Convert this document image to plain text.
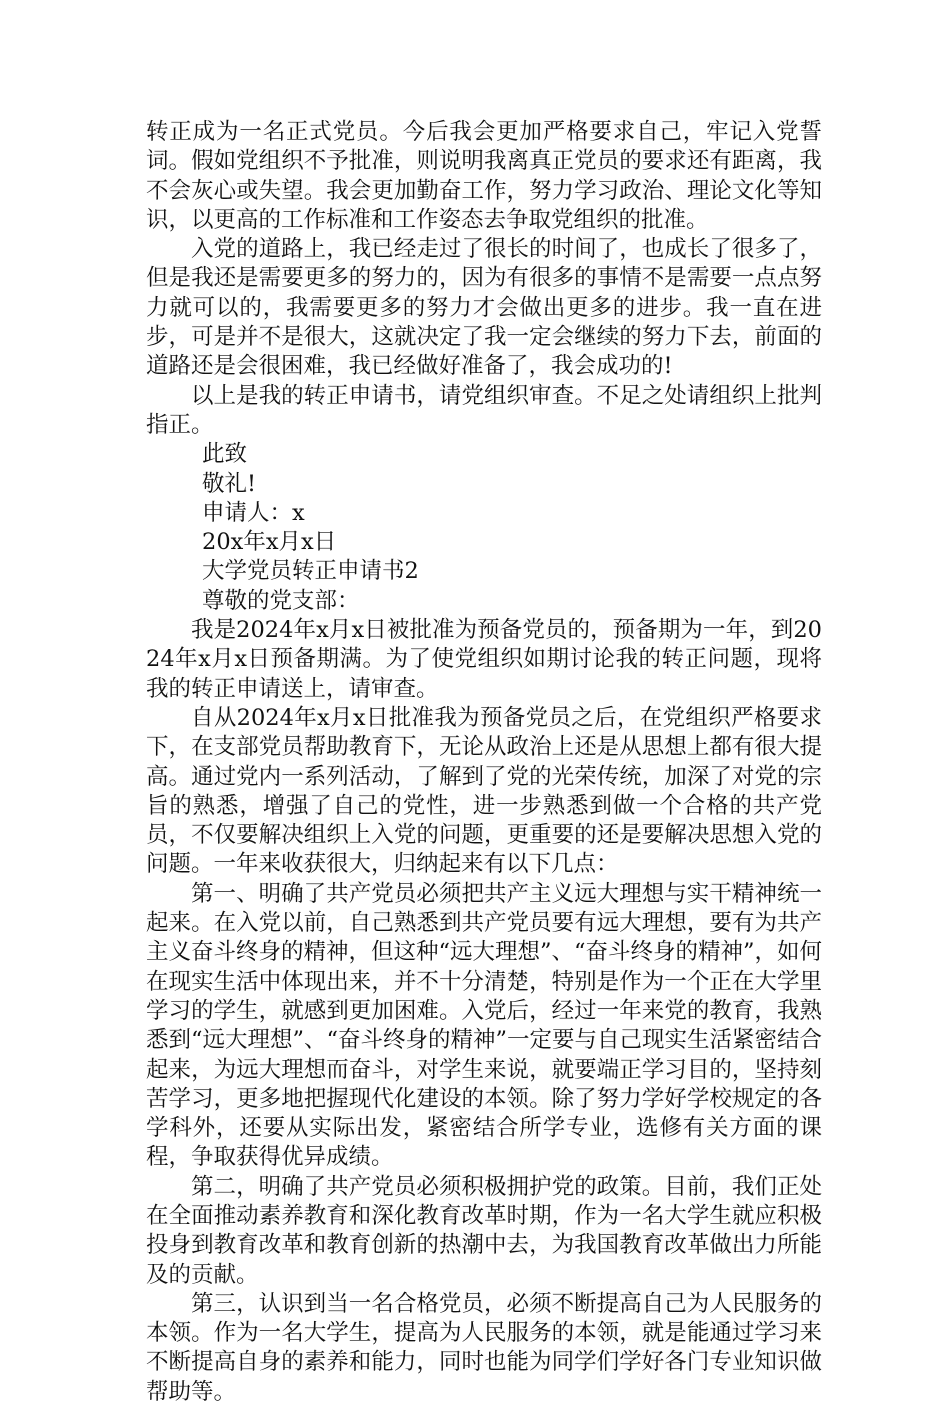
转正成为一名正式党员。今后我会更加严格要求自己，牢记入党誓词。假如党组织不予批准，则说明我离真正党员的要求还有距离，我不会灰心或失望。我会更加勤奋工作，努力学习政治、理论文化等知识，以更高的工作标准和工作姿态去争取党组织的批准。

入党的道路上，我已经走过了很长的时间了，也成长了很多了，但是我还是需要更多的努力的，因为有很多的事情不是需要一点点努力就可以的，我需要更多的努力才会做出更多的进步。我一直在进步，可是并不是很大，这就决定了我一定会继续的努力下去，前面的道路还是会很困难，我已经做好准备了，我会成功的!

以上是我的转正申请书，请党组织审查。不足之处请组织上批判指正。

此致

敬礼!

申请人：x

20x年x月x日

大学党员转正申请书2

尊敬的党支部：

我是2024年x月x日被批准为预备党员的，预备期为一年，到2024年x月x日预备期满。为了使党组织如期讨论我的转正问题，现将我的转正申请送上，请审查。

自从2024年x月x日批准我为预备党员之后，在党组织严格要求下，在支部党员帮助教育下，无论从政治上还是从思想上都有很大提高。通过党内一系列活动，了解到了党的光荣传统，加深了对党的宗旨的熟悉，增强了自己的党性，进一步熟悉到做一个合格的共产党员，不仅要解决组织上入党的问题，更重要的还是要解决思想入党的问题。一年来收获很大，归纳起来有以下几点：

第一、明确了共产党员必须把共产主义远大理想与实干精神统一起来。在入党以前，自己熟悉到共产党员要有远大理想，要有为共产主义奋斗终身的精神，但这种“远大理想”、“奋斗终身的精神”，如何在现实生活中体现出来，并不十分清楚，特别是作为一个正在大学里学习的学生，就感到更加困难。入党后，经过一年来党的教育，我熟悉到“远大理想”、“奋斗终身的精神”一定要与自己现实生活紧密结合起来，为远大理想而奋斗，对学生来说，就要端正学习目的，坚持刻苦学习，更多地把握现代化建设的本领。除了努力学好学校规定的各学科外，还要从实际出发，紧密结合所学专业，选修有关方面的课程，争取获得优异成绩。

第二，明确了共产党员必须积极拥护党的政策。目前，我们正处在全面推动素养教育和深化教育改革时期，作为一名大学生就应积极投身到教育改革和教育创新的热潮中去，为我国教育改革做出力所能及的贡献。

第三，认识到当一名合格党员，必须不断提高自己为人民服务的本领。作为一名大学生，提高为人民服务的本领，就是能通过学习来不断提高自身的素养和能力，同时也能为同学们学好各门专业知识做帮助等。
